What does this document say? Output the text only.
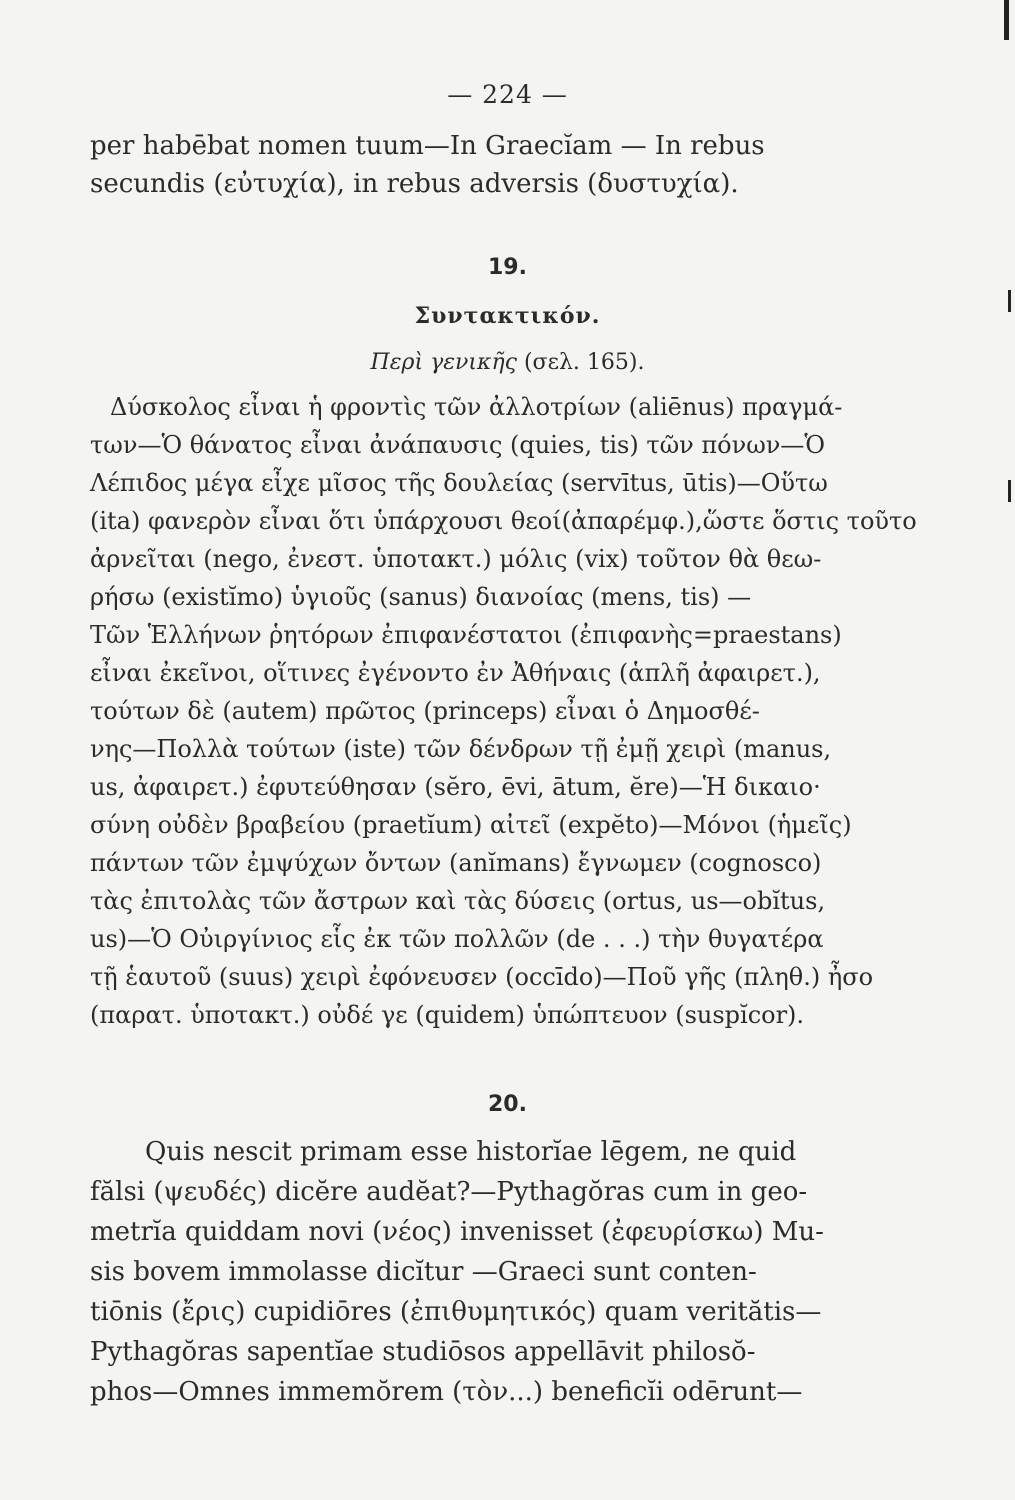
— 224 —
per habēbat nomen tuum—In Graecĭam — In rebus
secundis (εὐτυχία), in rebus adversis (δυστυχία).
19.
Συντακτικόν.
Περὶ γενικῆς (σελ. 165).
Δύσκολος εἶναι ἡ φροντὶς τῶν ἀλλοτρίων (aliēnus) πραγμά-
των—Ὁ θάνατος εἶναι ἀνάπαυσις (quies, tis) τῶν πόνων—Ὁ
Λέπιδος μέγα εἶχε μῖσος τῆς δουλείας (servītus, ūtis)—Οὕτω
(ita) φανερὸν εἶναι ὅτι ὑπάρχουσι θεοί(ἀπαρέμφ.),ὥστε ὅστις τοῦτο
ἀρνεῖται (nego, ἐνεστ. ὑποτακτ.) μόλις (vix) τοῦτον θὰ θεω-
ρήσω (existĭmo) ὑγιοῦς (sanus) διανοίας (mens, tis) —
Τῶν Ἑλλήνων ῥητόρων ἐπιφανέστατοι (ἐπιφανὴς=praestans)
εἶναι ἐκεῖνοι, οἵτινες ἐγένοντο ἐν Ἀθήναις (ἁπλῆ ἀφαιρετ.),
τούτων δὲ (autem) πρῶτος (princeps) εἶναι ὁ Δημοσθέ-
νης—Πολλὰ τούτων (iste) τῶν δένδρων τῇ ἐμῇ χειρὶ (manus,
us, ἀφαιρετ.) ἐφυτεύθησαν (sĕro, ēvi, ātum, ĕre)—Ἡ δικαιο·
σύνη οὐδὲν βραβείου (praetĭum) αἰτεῖ (expĕto)—Μόνοι (ἡμεῖς)
πάντων τῶν ἐμψύχων ὄντων (anĭmans) ἔγνωμεν (cognosco)
τὰς ἐπιτολὰς τῶν ἄστρων καὶ τὰς δύσεις (ortus, us—obĭtus,
us)—Ὁ Οὐιργίνιος εἷς ἐκ τῶν πολλῶν (de . . .) τὴν θυγατέρα
τῇ ἑαυτοῦ (suus) χειρὶ ἐφόνευσεν (occīdo)—Ποῦ γῆς (πληθ.) ἦσο
(παρατ. ὑποτακτ.) οὐδέ γε (quidem) ὑπώπτευον (suspĭcor).
20.
Quis nescit primam esse historĭae lēgem, ne quid
fălsi (ψευδές) dicĕre audĕat?—Pythagŏras cum in geo-
metrĭa quiddam novi (νέος) invenisset (ἐφευρίσκω) Mu-
sis bovem immolasse dicĭtur —Graeci sunt conten-
tiōnis (ἔρις) cupidiōres (ἐπιθυμητικός) quam veritătis—
Pythagŏras sapentĭae studiōsos appellāvit philosŏ-
phos—Omnes immemŏrem (τὸν...) beneficĭi odērunt—
